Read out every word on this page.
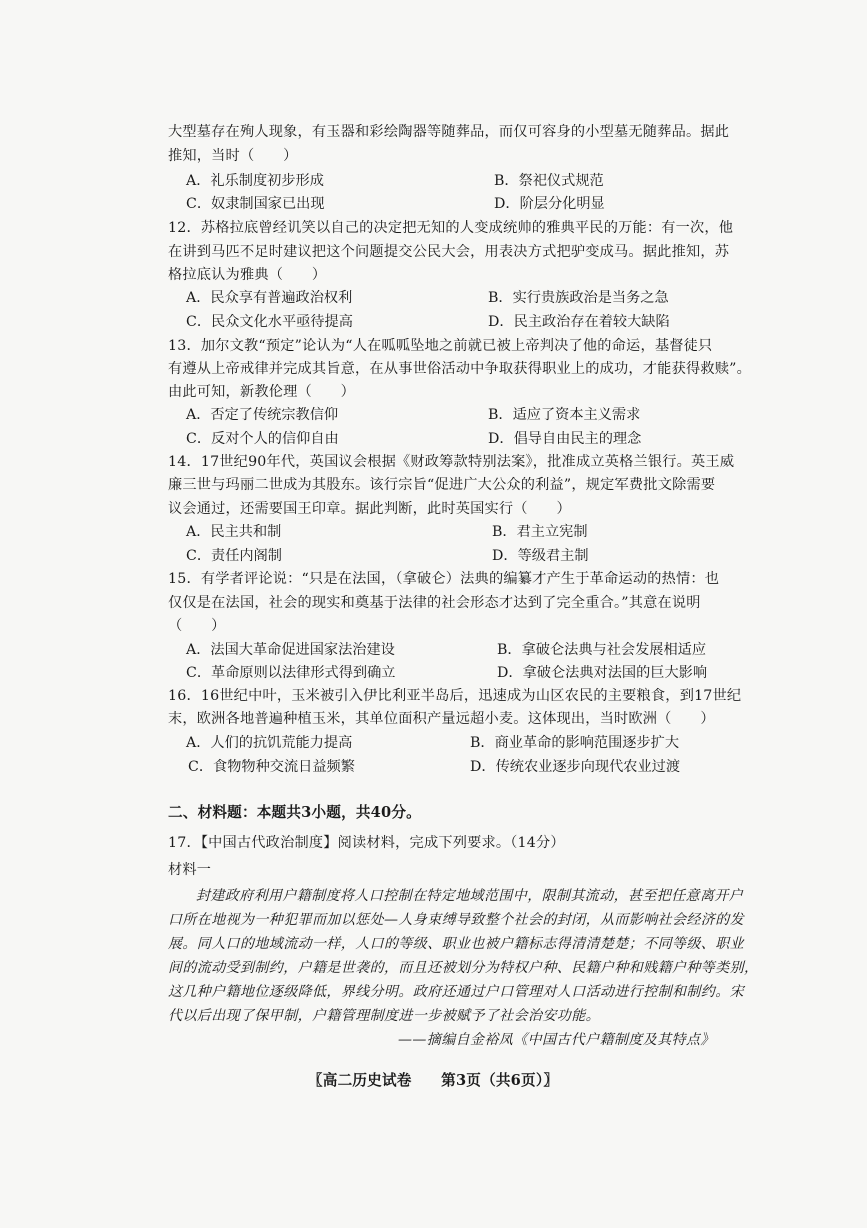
大型墓存在殉人现象，有玉器和彩绘陶器等随葬品，而仅可容身的小型墓无随葬品。据此
推知，当时（　　）
A．礼乐制度初步形成	B．祭祀仪式规范
C．奴隶制国家已出现	D．阶层分化明显
12．苏格拉底曾经讥笑以自己的决定把无知的人变成统帅的雅典平民的万能：有一次，他
在讲到马匹不足时建议把这个问题提交公民大会，用表决方式把驴变成马。据此推知，苏
格拉底认为雅典（　　）
A．民众享有普遍政治权利	B．实行贵族政治是当务之急
C．民众文化水平亟待提高	D．民主政治存在着较大缺陷
13．加尔文教“预定”论认为“人在呱呱坠地之前就已被上帝判决了他的命运，基督徒只
有遵从上帝戒律并完成其旨意，在从事世俗活动中争取获得职业上的成功，才能获得救赎”。
由此可知，新教伦理（　　）
A．否定了传统宗教信仰	B．适应了资本主义需求
C．反对个人的信仰自由	D．倡导自由民主的理念
14．17世纪90年代，英国议会根据《财政筹款特别法案》，批准成立英格兰银行。英王威
廉三世与玛丽二世成为其股东。该行宗旨“促进广大公众的利益”，规定军费批文除需要
议会通过，还需要国王印章。据此判断，此时英国实行（　　）
A．民主共和制	B．君主立宪制
C．责任内阁制	D．等级君主制
15．有学者评论说：“只是在法国，（拿破仑）法典的编纂才产生于革命运动的热情：也
仅仅是在法国，社会的现实和奠基于法律的社会形态才达到了完全重合。”其意在说明
（　　）
A．法国大革命促进国家法治建设	B．拿破仑法典与社会发展相适应
C．革命原则以法律形式得到确立	D．拿破仑法典对法国的巨大影响
16．16世纪中叶，玉米被引入伊比利亚半岛后，迅速成为山区农民的主要粮食，到17世纪
末，欧洲各地普遍种植玉米，其单位面积产量远超小麦。这体现出，当时欧洲（　　）
A．人们的抗饥荒能力提高	B．商业革命的影响范围逐步扩大
C．食物物种交流日益频繁	D．传统农业逐步向现代农业过渡
二、材料题：本题共3小题，共40分。
17．【中国古代政治制度】阅读材料，完成下列要求。（14分）
材料一
封建政府利用户籍制度将人口控制在特定地域范围中，限制其流动，甚至把任意离开户
口所在地视为一种犯罪而加以惩处—人身束缚导致整个社会的封闭，从而影响社会经济的发
展。同人口的地域流动一样，人口的等级、职业也被户籍标志得清清楚楚；不同等级、职业
间的流动受到制约，户籍是世袭的，而且还被划分为特权户种、民籍户种和贱籍户种等类别，
这几种户籍地位逐级降低，界线分明。政府还通过户口管理对人口活动进行控制和制约。宋
代以后出现了保甲制，户籍管理制度进一步被赋予了社会治安功能。
——摘编自金裕凤《中国古代户籍制度及其特点》
〖高二历史试卷　　第3页（共6页）〗
